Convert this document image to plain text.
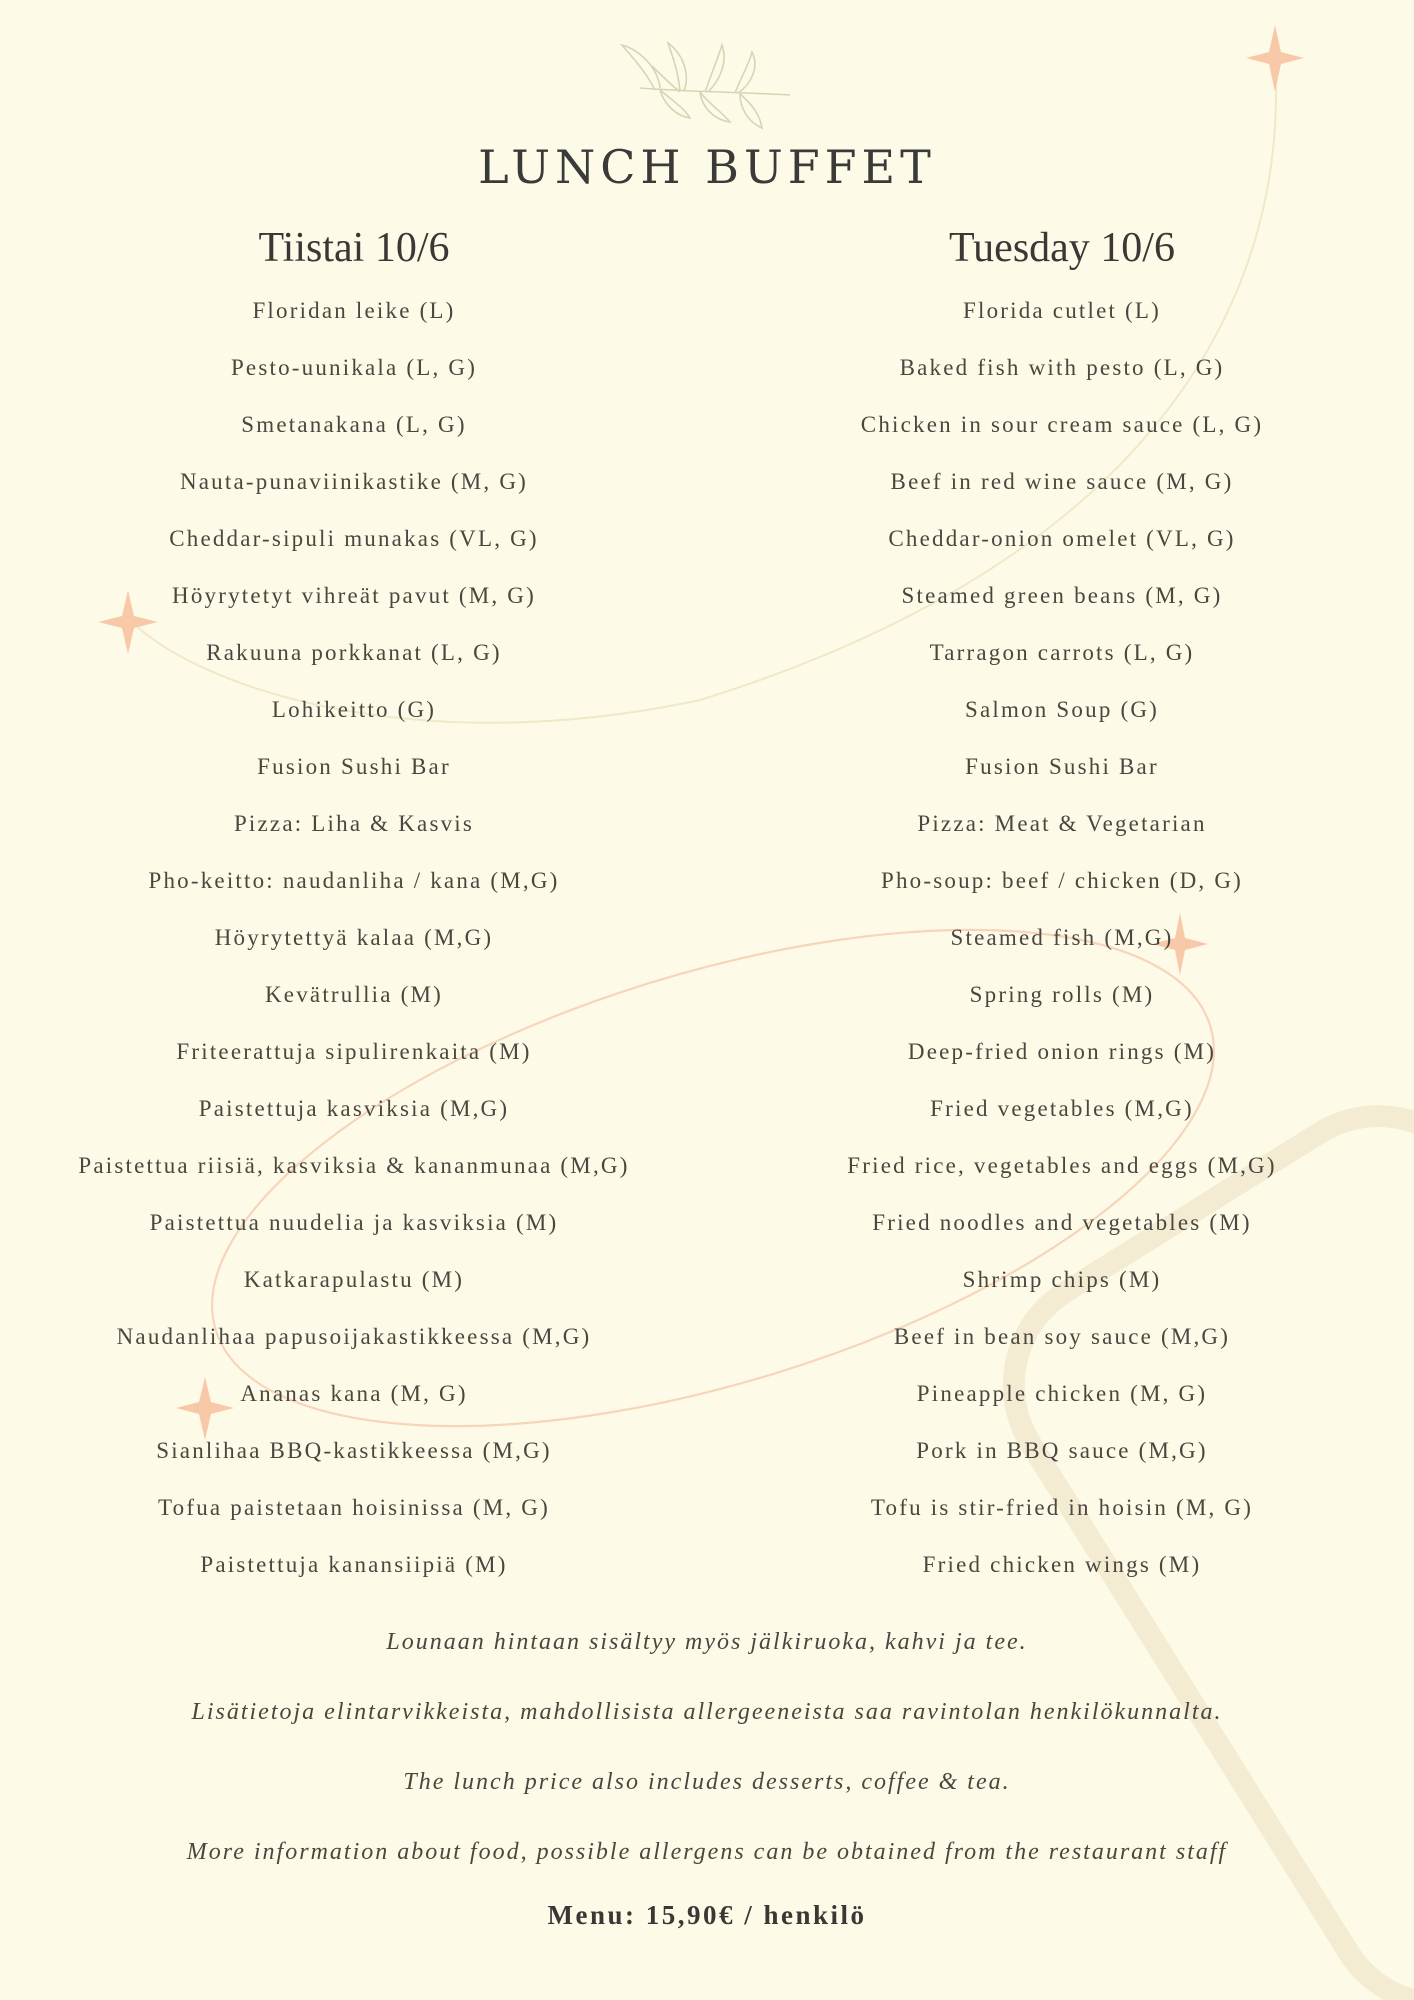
LUNCH BUFFET
Tiistai 10/6
Floridan leike (L)
Pesto-uunikala (L, G)
Smetanakana (L, G)
Nauta-punaviinikastike (M, G)
Cheddar-sipuli munakas (VL, G)
Höyrytetyt vihreät pavut (M, G)
Rakuuna porkkanat (L, G)
Lohikeitto (G)
Fusion Sushi Bar
Pizza: Liha & Kasvis
Pho-keitto: naudanliha / kana (M,G)
Höyrytettyä kalaa (M,G)
Kevätrullia (M)
Friteerattuja sipulirenkaita (M)
Paistettuja kasviksia (M,G)
Paistettua riisiä, kasviksia & kananmunaa (M,G)
Paistettua nuudelia ja kasviksia (M)
Katkarapulastu (M)
Naudanlihaa papusoijakastikkeessa (M,G)
Ananas kana (M, G)
Sianlihaa BBQ-kastikkeessa (M,G)
Tofua paistetaan hoisinissa (M, G)
Paistettuja kanansiipiä (M)
Tuesday 10/6
Florida cutlet (L)
Baked fish with pesto (L, G)
Chicken in sour cream sauce (L, G)
Beef in red wine sauce (M, G)
Cheddar-onion omelet (VL, G)
Steamed green beans (M, G)
Tarragon carrots (L, G)
Salmon Soup (G)
Fusion Sushi Bar
Pizza: Meat & Vegetarian
Pho-soup: beef / chicken (D, G)
Steamed fish (M,G)
Spring rolls (M)
Deep-fried onion rings (M)
Fried vegetables (M,G)
Fried rice, vegetables and eggs (M,G)
Fried noodles and vegetables (M)
Shrimp chips (M)
Beef in bean soy sauce (M,G)
Pineapple chicken (M, G)
Pork in BBQ sauce (M,G)
Tofu is stir-fried in hoisin (M, G)
Fried chicken wings (M)

Lounaan hintaan sisältyy myös jälkiruoka, kahvi ja tee.

Lisätietoja elintarvikkeista, mahdollisista allergeeneista saa ravintolan henkilökunnalta.

The lunch price also includes desserts, coffee & tea.

More information about food, possible allergens can be obtained from the restaurant staff

Menu: 15,90€ / henkilö
